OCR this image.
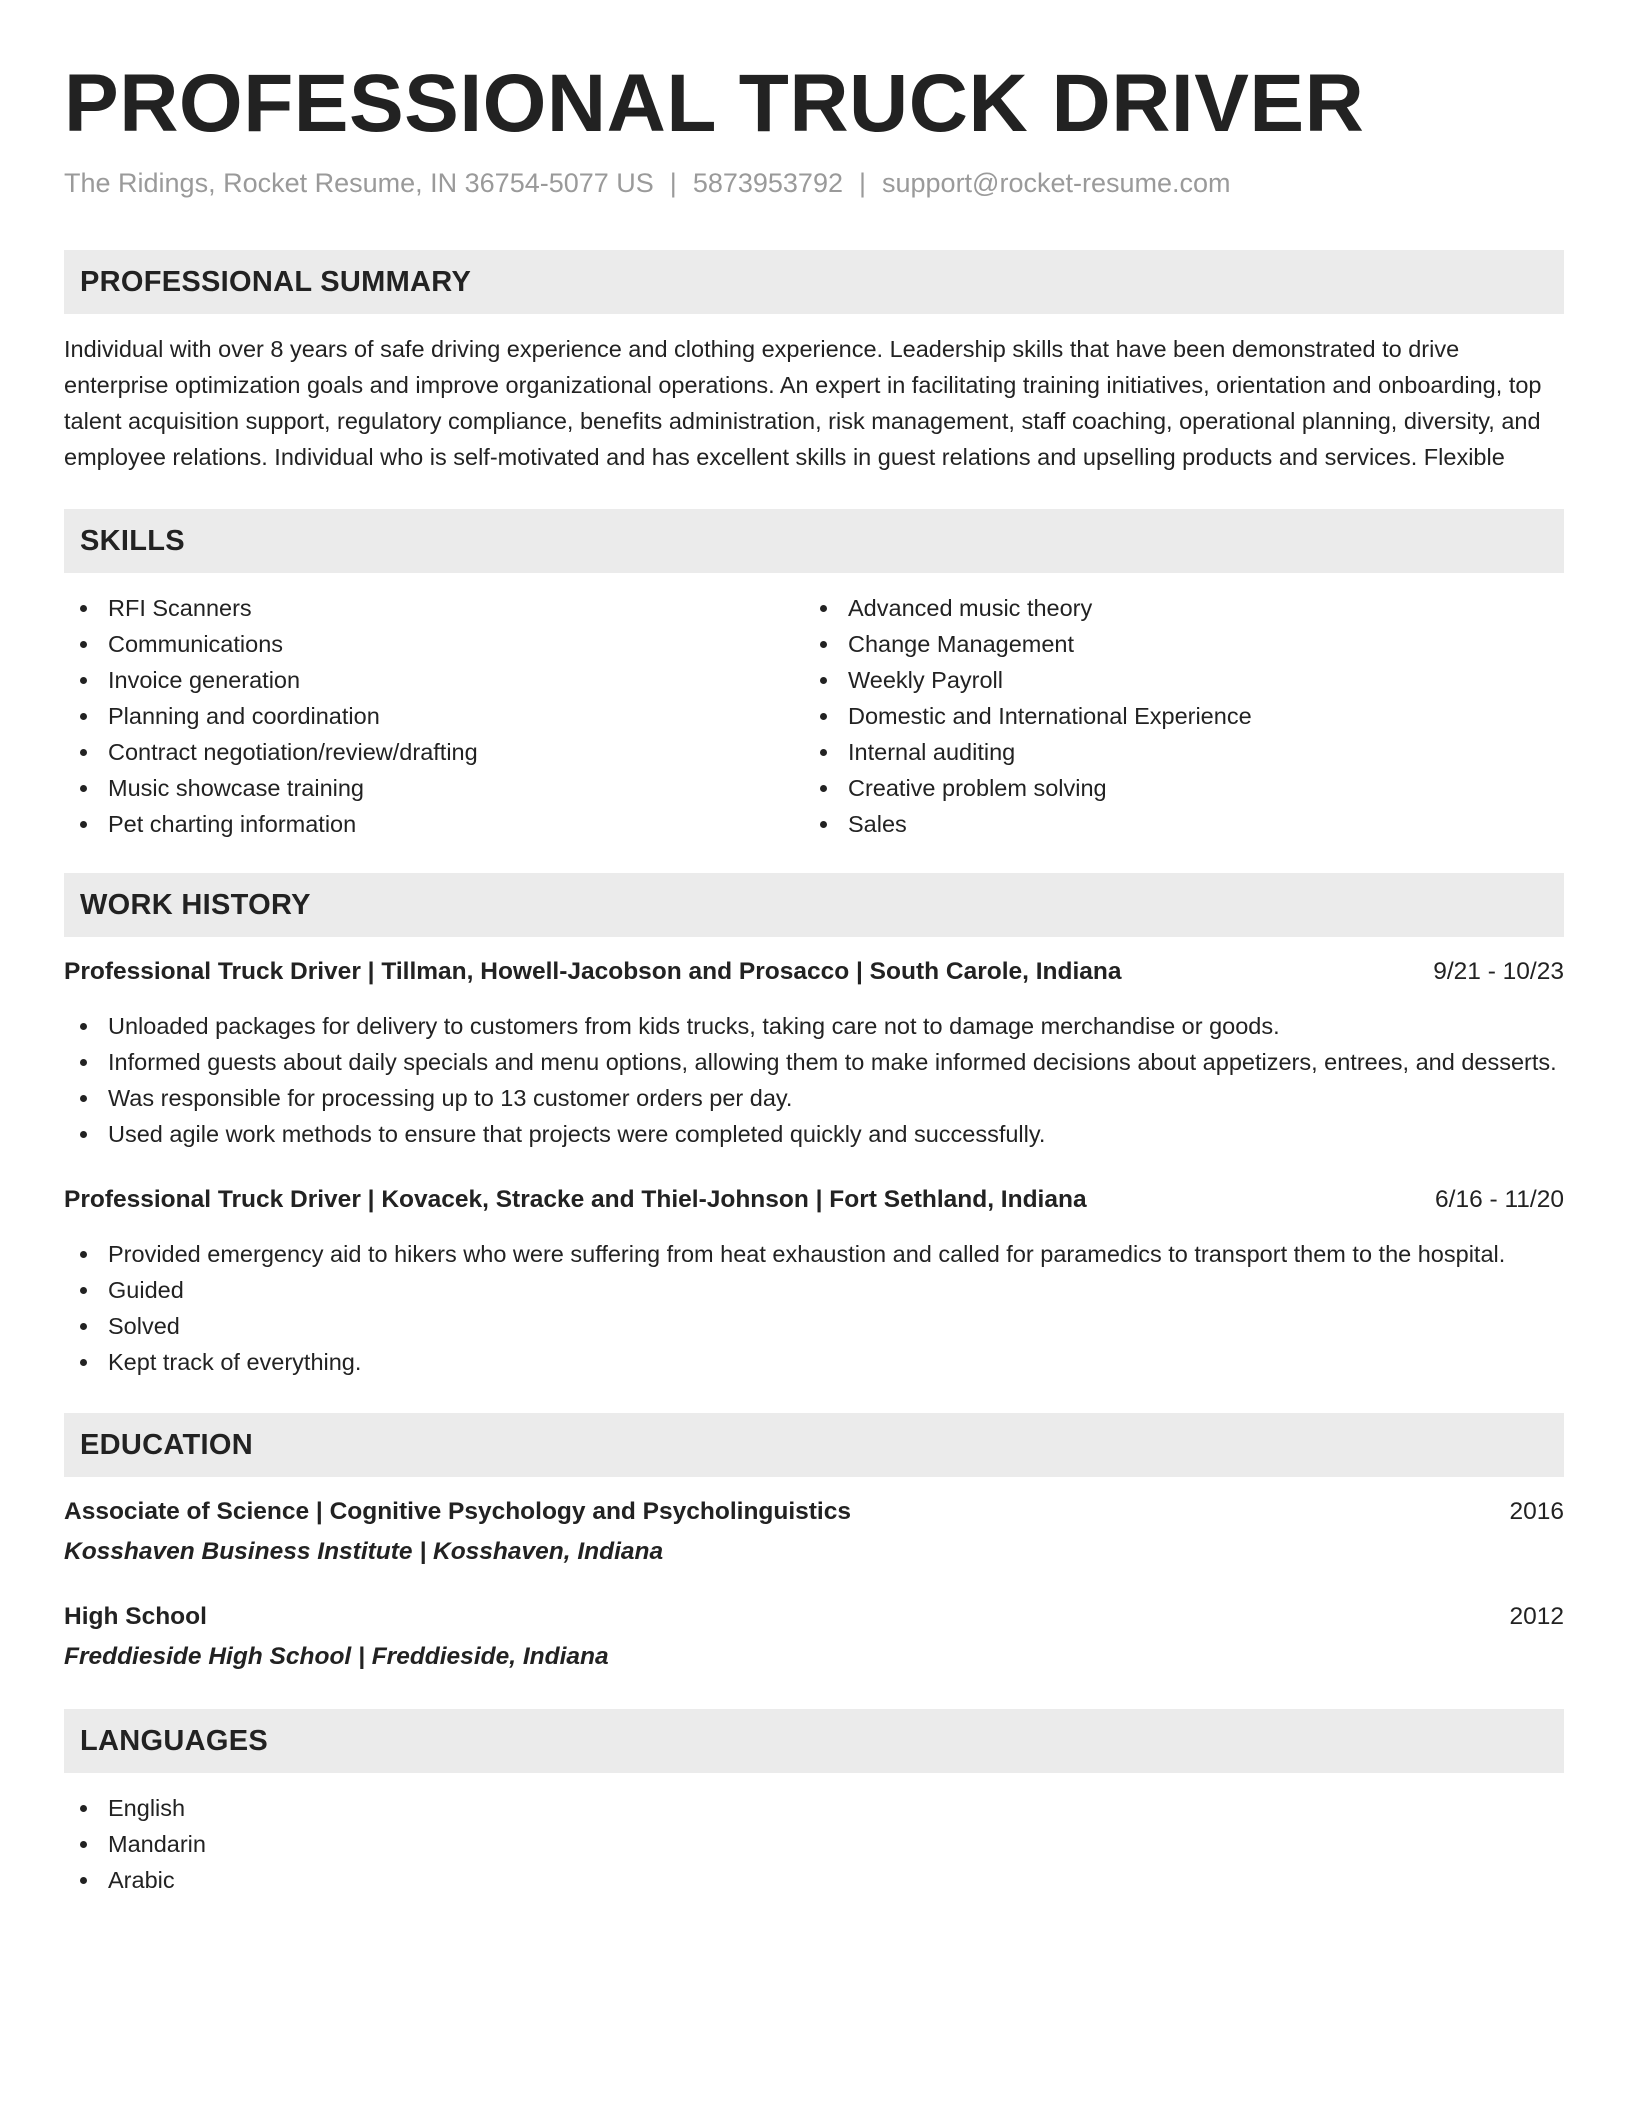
PROFESSIONAL TRUCK DRIVER
The Ridings, Rocket Resume, IN 36754-5077 US | 5873953792 | support@rocket-resume.com
PROFESSIONAL SUMMARY

Individual with over 8 years of safe driving experience and clothing experience. Leadership skills that have been demonstrated to drive enterprise optimization goals and improve organizational operations. An expert in facilitating training initiatives, orientation and onboarding, top talent acquisition support, regulatory compliance, benefits administration, risk management, staff coaching, operational planning, diversity, and employee relations. Individual who is self-motivated and has excellent skills in guest relations and upselling products and services. Flexible

SKILLS
RFI Scanners
Communications
Invoice generation
Planning and coordination
Contract negotiation/review/drafting
Music showcase training
Pet charting information
Advanced music theory
Change Management
Weekly Payroll
Domestic and International Experience
Internal auditing
Creative problem solving
Sales
WORK HISTORY
Professional Truck Driver | Tillman, Howell-Jacobson and Prosacco | South Carole, Indiana	9/21 - 10/23
Unloaded packages for delivery to customers from kids trucks, taking care not to damage merchandise or goods.
Informed guests about daily specials and menu options, allowing them to make informed decisions about appetizers, entrees, and desserts.
Was responsible for processing up to 13 customer orders per day.
Used agile work methods to ensure that projects were completed quickly and successfully.
Professional Truck Driver | Kovacek, Stracke and Thiel-Johnson | Fort Sethland, Indiana	6/16 - 11/20
Provided emergency aid to hikers who were suffering from heat exhaustion and called for paramedics to transport them to the hospital.
Guided
Solved
Kept track of everything.
EDUCATION
Associate of Science | Cognitive Psychology and Psycholinguistics	2016
Kosshaven Business Institute | Kosshaven, Indiana
High School	2012
Freddieside High School | Freddieside, Indiana
LANGUAGES
English
Mandarin
Arabic
